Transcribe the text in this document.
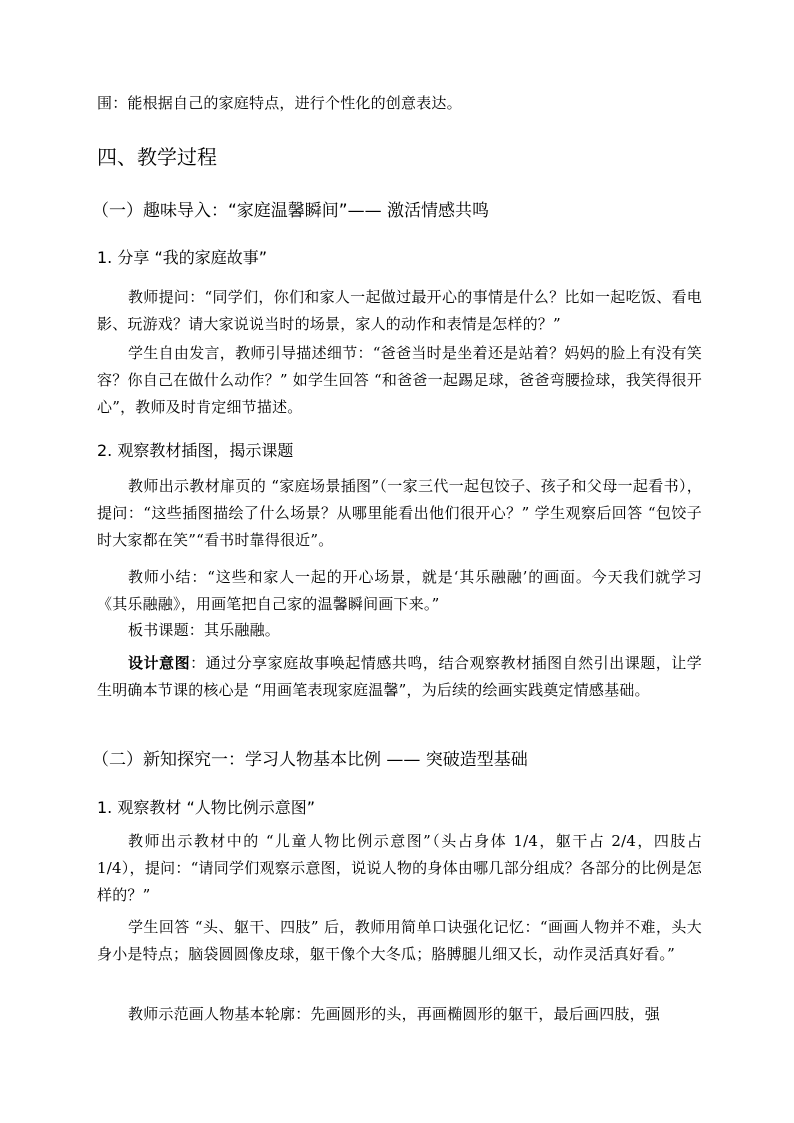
围：能根据自己的家庭特点，进行个性化的创意表达。

四、教学过程
（一）趣味导入：“家庭温馨瞬间”—— 激活情感共鸣
1. 分享 “我的家庭故事”

教师提问：“同学们，你们和家人一起做过最开心的事情是什么？比如一起吃饭、看电影、玩游戏？请大家说说当时的场景，家人的动作和表情是怎样的？”

学生自由发言，教师引导描述细节：“爸爸当时是坐着还是站着？妈妈的脸上有没有笑容？你自己在做什么动作？” 如学生回答 “和爸爸一起踢足球，爸爸弯腰捡球，我笑得很开心”，教师及时肯定细节描述。

2. 观察教材插图，揭示课题

教师出示教材扉页的 “家庭场景插图”（一家三代一起包饺子、孩子和父母一起看书），提问：“这些插图描绘了什么场景？从哪里能看出他们很开心？” 学生观察后回答 “包饺子时大家都在笑”“看书时靠得很近”。

教师小结：“这些和家人一起的开心场景，就是‘其乐融融’的画面。今天我们就学习《其乐融融》，用画笔把自己家的温馨瞬间画下来。”

板书课题：其乐融融。

设计意图：通过分享家庭故事唤起情感共鸣，结合观察教材插图自然引出课题，让学生明确本节课的核心是 “用画笔表现家庭温馨”，为后续的绘画实践奠定情感基础。

（二）新知探究一：学习人物基本比例 —— 突破造型基础
1. 观察教材 “人物比例示意图”

教师出示教材中的 “儿童人物比例示意图”（头占身体 1/4，躯干占 2/4，四肢占 1/4），提问：“请同学们观察示意图，说说人物的身体由哪几部分组成？各部分的比例是怎样的？”

学生回答 “头、躯干、四肢” 后，教师用简单口诀强化记忆：“画画人物并不难，头大身小是特点；脑袋圆圆像皮球，躯干像个大冬瓜；胳膊腿儿细又长，动作灵活真好看。”

教师示范画人物基本轮廓：先画圆形的头，再画椭圆形的躯干，最后画四肢，强
